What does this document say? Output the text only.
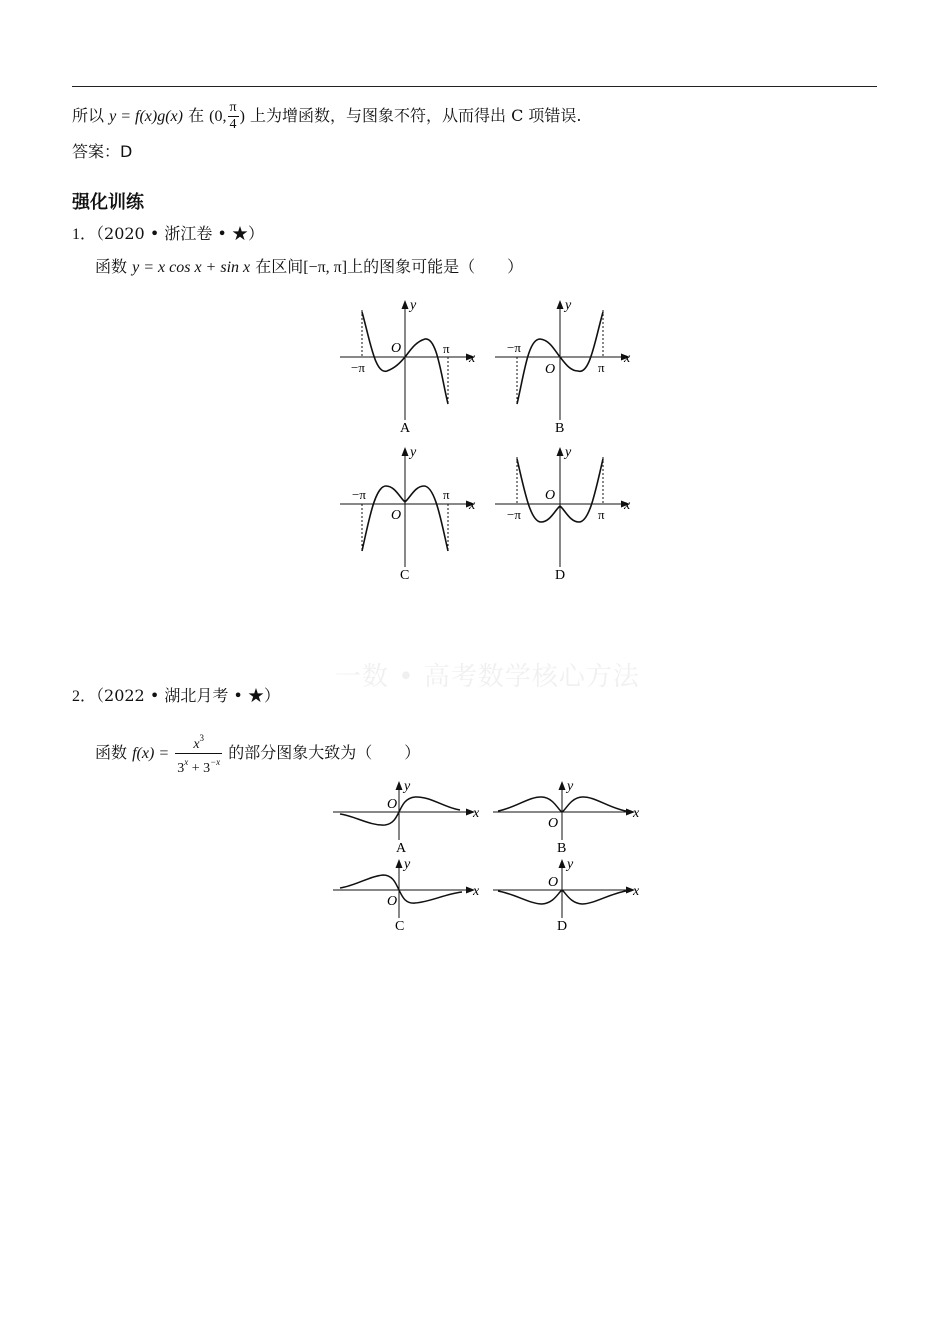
所以 y = f(x)g(x) 在 (0, $\frac{\pi}{4}$ ) 上为增函数，与图象不符，从而得出 C 项错误.
答案：D
强化训练
1．（2020 • 浙江卷 • ★）
函数 y = x cos x + sin x 在区间[−π, π]上的图象可能是（　　）
y
x
O
−π
π
A
y
x
O
−π
π
B
y
x
O
−π	π
C
y
x
O
−π	π
D
一数 • 高考数学核心方法
2．（2022 • 湖北月考 • ★）
函数 $f(x) = \frac{x^3}{3^x + 3^{-x}}$ 的部分图象大致为（　　）
y
x
O
A
y
x
O
B
y
x
O
C
y
x
O
D
